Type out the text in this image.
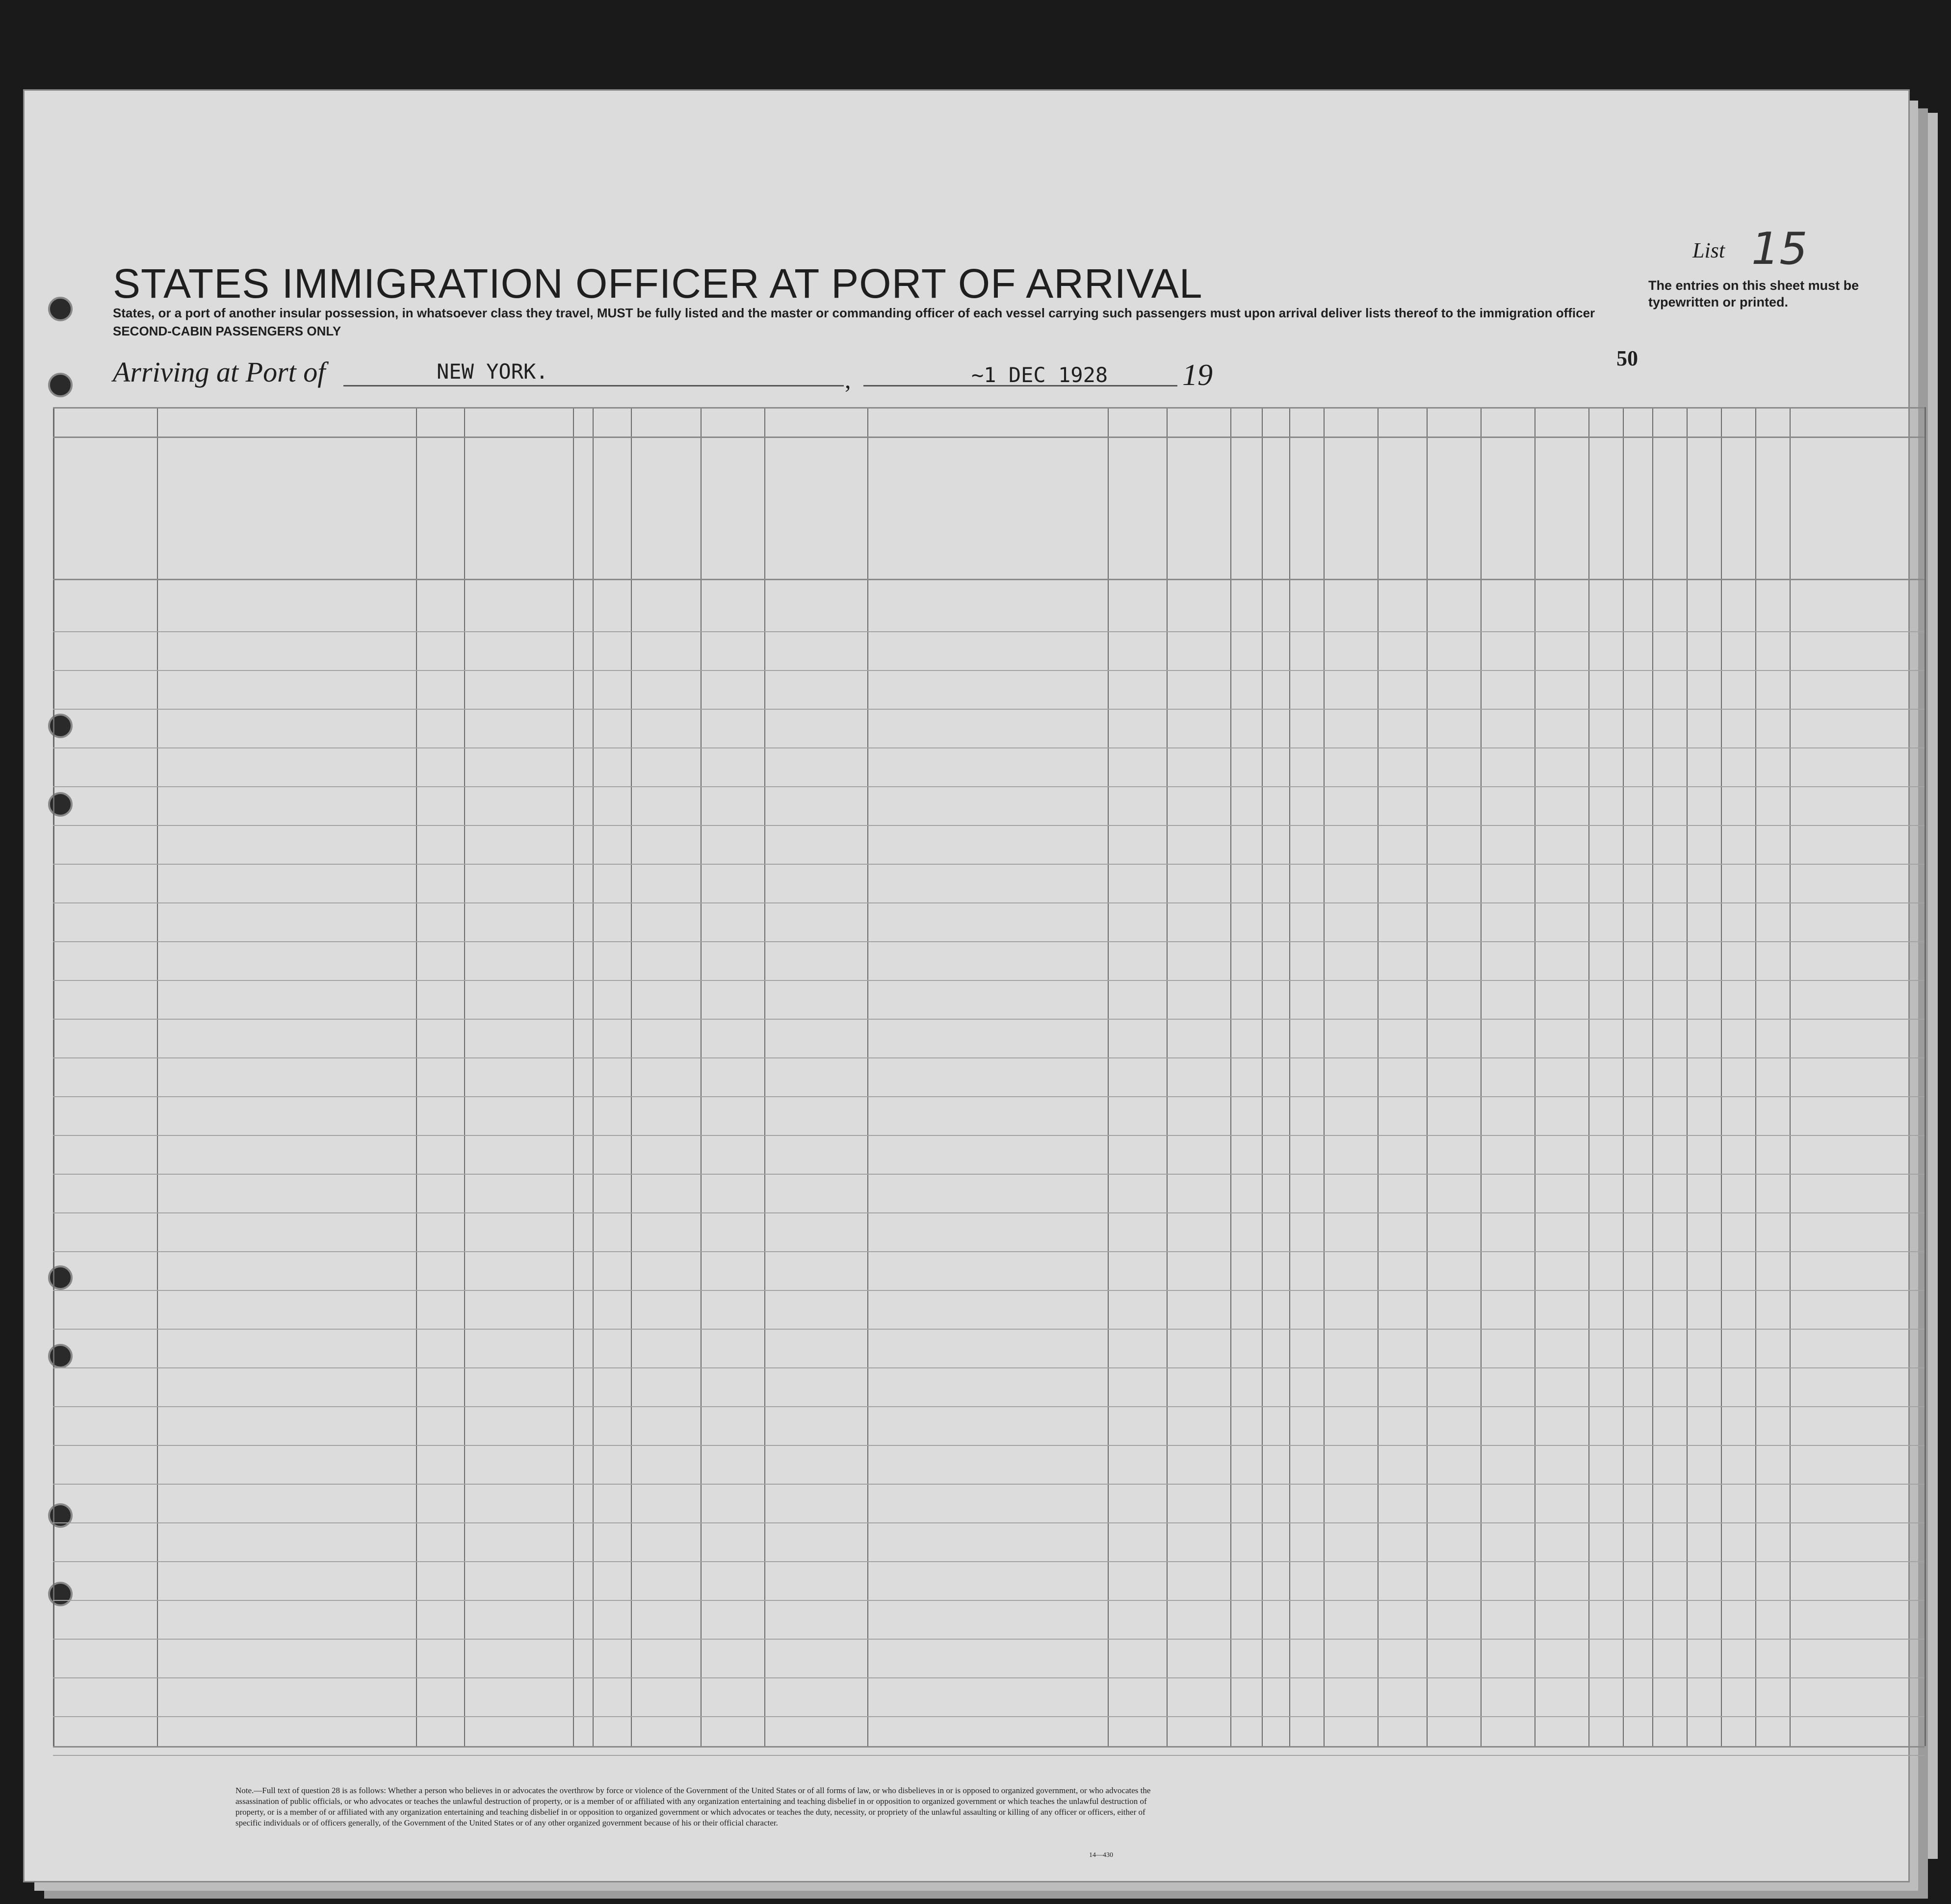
List 15
STATES IMMIGRATION OFFICER AT PORT OF ARRIVAL	The entries on this sheet must be typewritten or printed.
States, or a port of another insular possession, in whatsoever class they travel, MUST be fully listed and the master or commanding officer of each vessel carrying such passengers must upon arrival deliver lists thereof to the immigration officer
SECOND-CABIN PASSENGERS ONLY
Arriving at Port of	NEW YORK.	,	~1 DEC 1928 19
50
Note.—Full text of question 28 is as follows: Whether a person who believes in or advocates the overthrow by force or violence of the Government of the United States or of all forms of law, or who disbelieves in or is opposed to organized government, or who advocates the assassination of public officials, or who advocates or teaches the unlawful destruction of property, or is a member of or affiliated with any organization entertaining and teaching disbelief in or opposition to organized government or which teaches the unlawful destruction of property, or is a member of or affiliated with any organization entertaining and teaching disbelief in or opposition to organized government or which advocates or teaches the duty, necessity, or propriety of the unlawful assaulting or killing of any officer or officers, either of specific individuals or of officers generally, of the Government of the United States or of any other organized government because of his or their official character.
14—430
